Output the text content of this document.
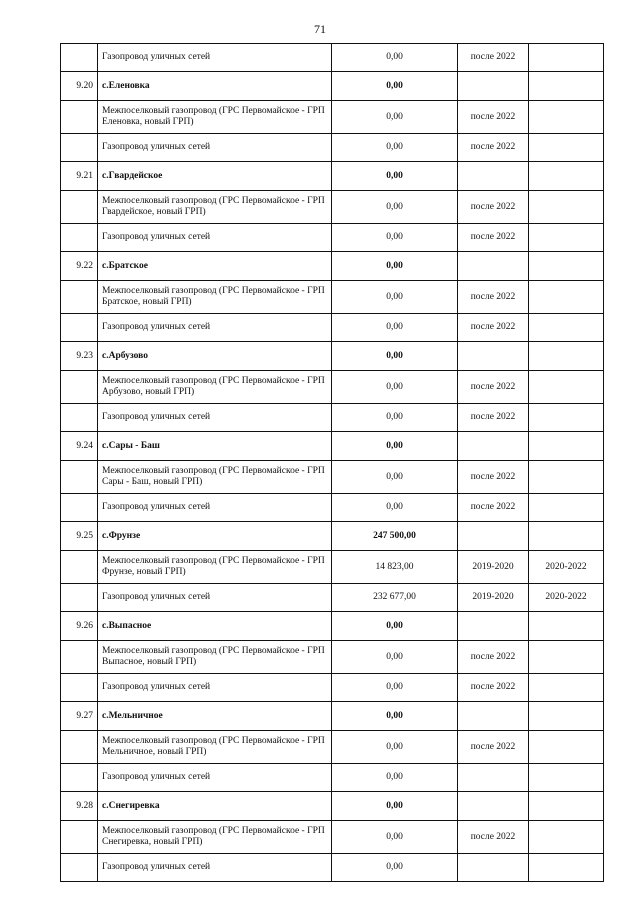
71
	Газопровод уличных сетей	0,00	после 2022	
9.20	с.Еленовка	0,00		
	Межпоселковый газопровод (ГРС Первомайское - ГРП Еленовка, новый ГРП)	0,00	после 2022	
	Газопровод уличных сетей	0,00	после 2022	
9.21	с.Гвардейское	0,00		
	Межпоселковый газопровод (ГРС Первомайское - ГРП Гвардейское, новый ГРП)	0,00	после 2022	
	Газопровод уличных сетей	0,00	после 2022	
9.22	с.Братское	0,00		
	Межпоселковый газопровод (ГРС Первомайское - ГРП Братское, новый ГРП)	0,00	после 2022	
	Газопровод уличных сетей	0,00	после 2022	
9.23	с.Арбузово	0,00		
	Межпоселковый газопровод (ГРС Первомайское - ГРП Арбузово, новый ГРП)	0,00	после 2022	
	Газопровод уличных сетей	0,00	после 2022	
9.24	с.Сары - Баш	0,00		
	Межпоселковый газопровод (ГРС Первомайское - ГРП Сары - Баш, новый ГРП)	0,00	после 2022	
	Газопровод уличных сетей	0,00	после 2022	
9.25	с.Фрунзе	247 500,00		
	Межпоселковый газопровод (ГРС Первомайское - ГРП Фрунзе, новый ГРП)	14 823,00	2019-2020	2020-2022
	Газопровод уличных сетей	232 677,00	2019-2020	2020-2022
9.26	с.Выпасное	0,00		
	Межпоселковый газопровод (ГРС Первомайское - ГРП Выпасное, новый ГРП)	0,00	после 2022	
	Газопровод уличных сетей	0,00	после 2022	
9.27	с.Мельничное	0,00		
	Межпоселковый газопровод (ГРС Первомайское - ГРП Мельничное, новый ГРП)	0,00	после 2022	
	Газопровод уличных сетей	0,00		
9.28	с.Снегиревка	0,00		
	Межпоселковый газопровод (ГРС Первомайское - ГРП Снегиревка, новый ГРП)	0,00	после 2022	
	Газопровод уличных сетей	0,00		
